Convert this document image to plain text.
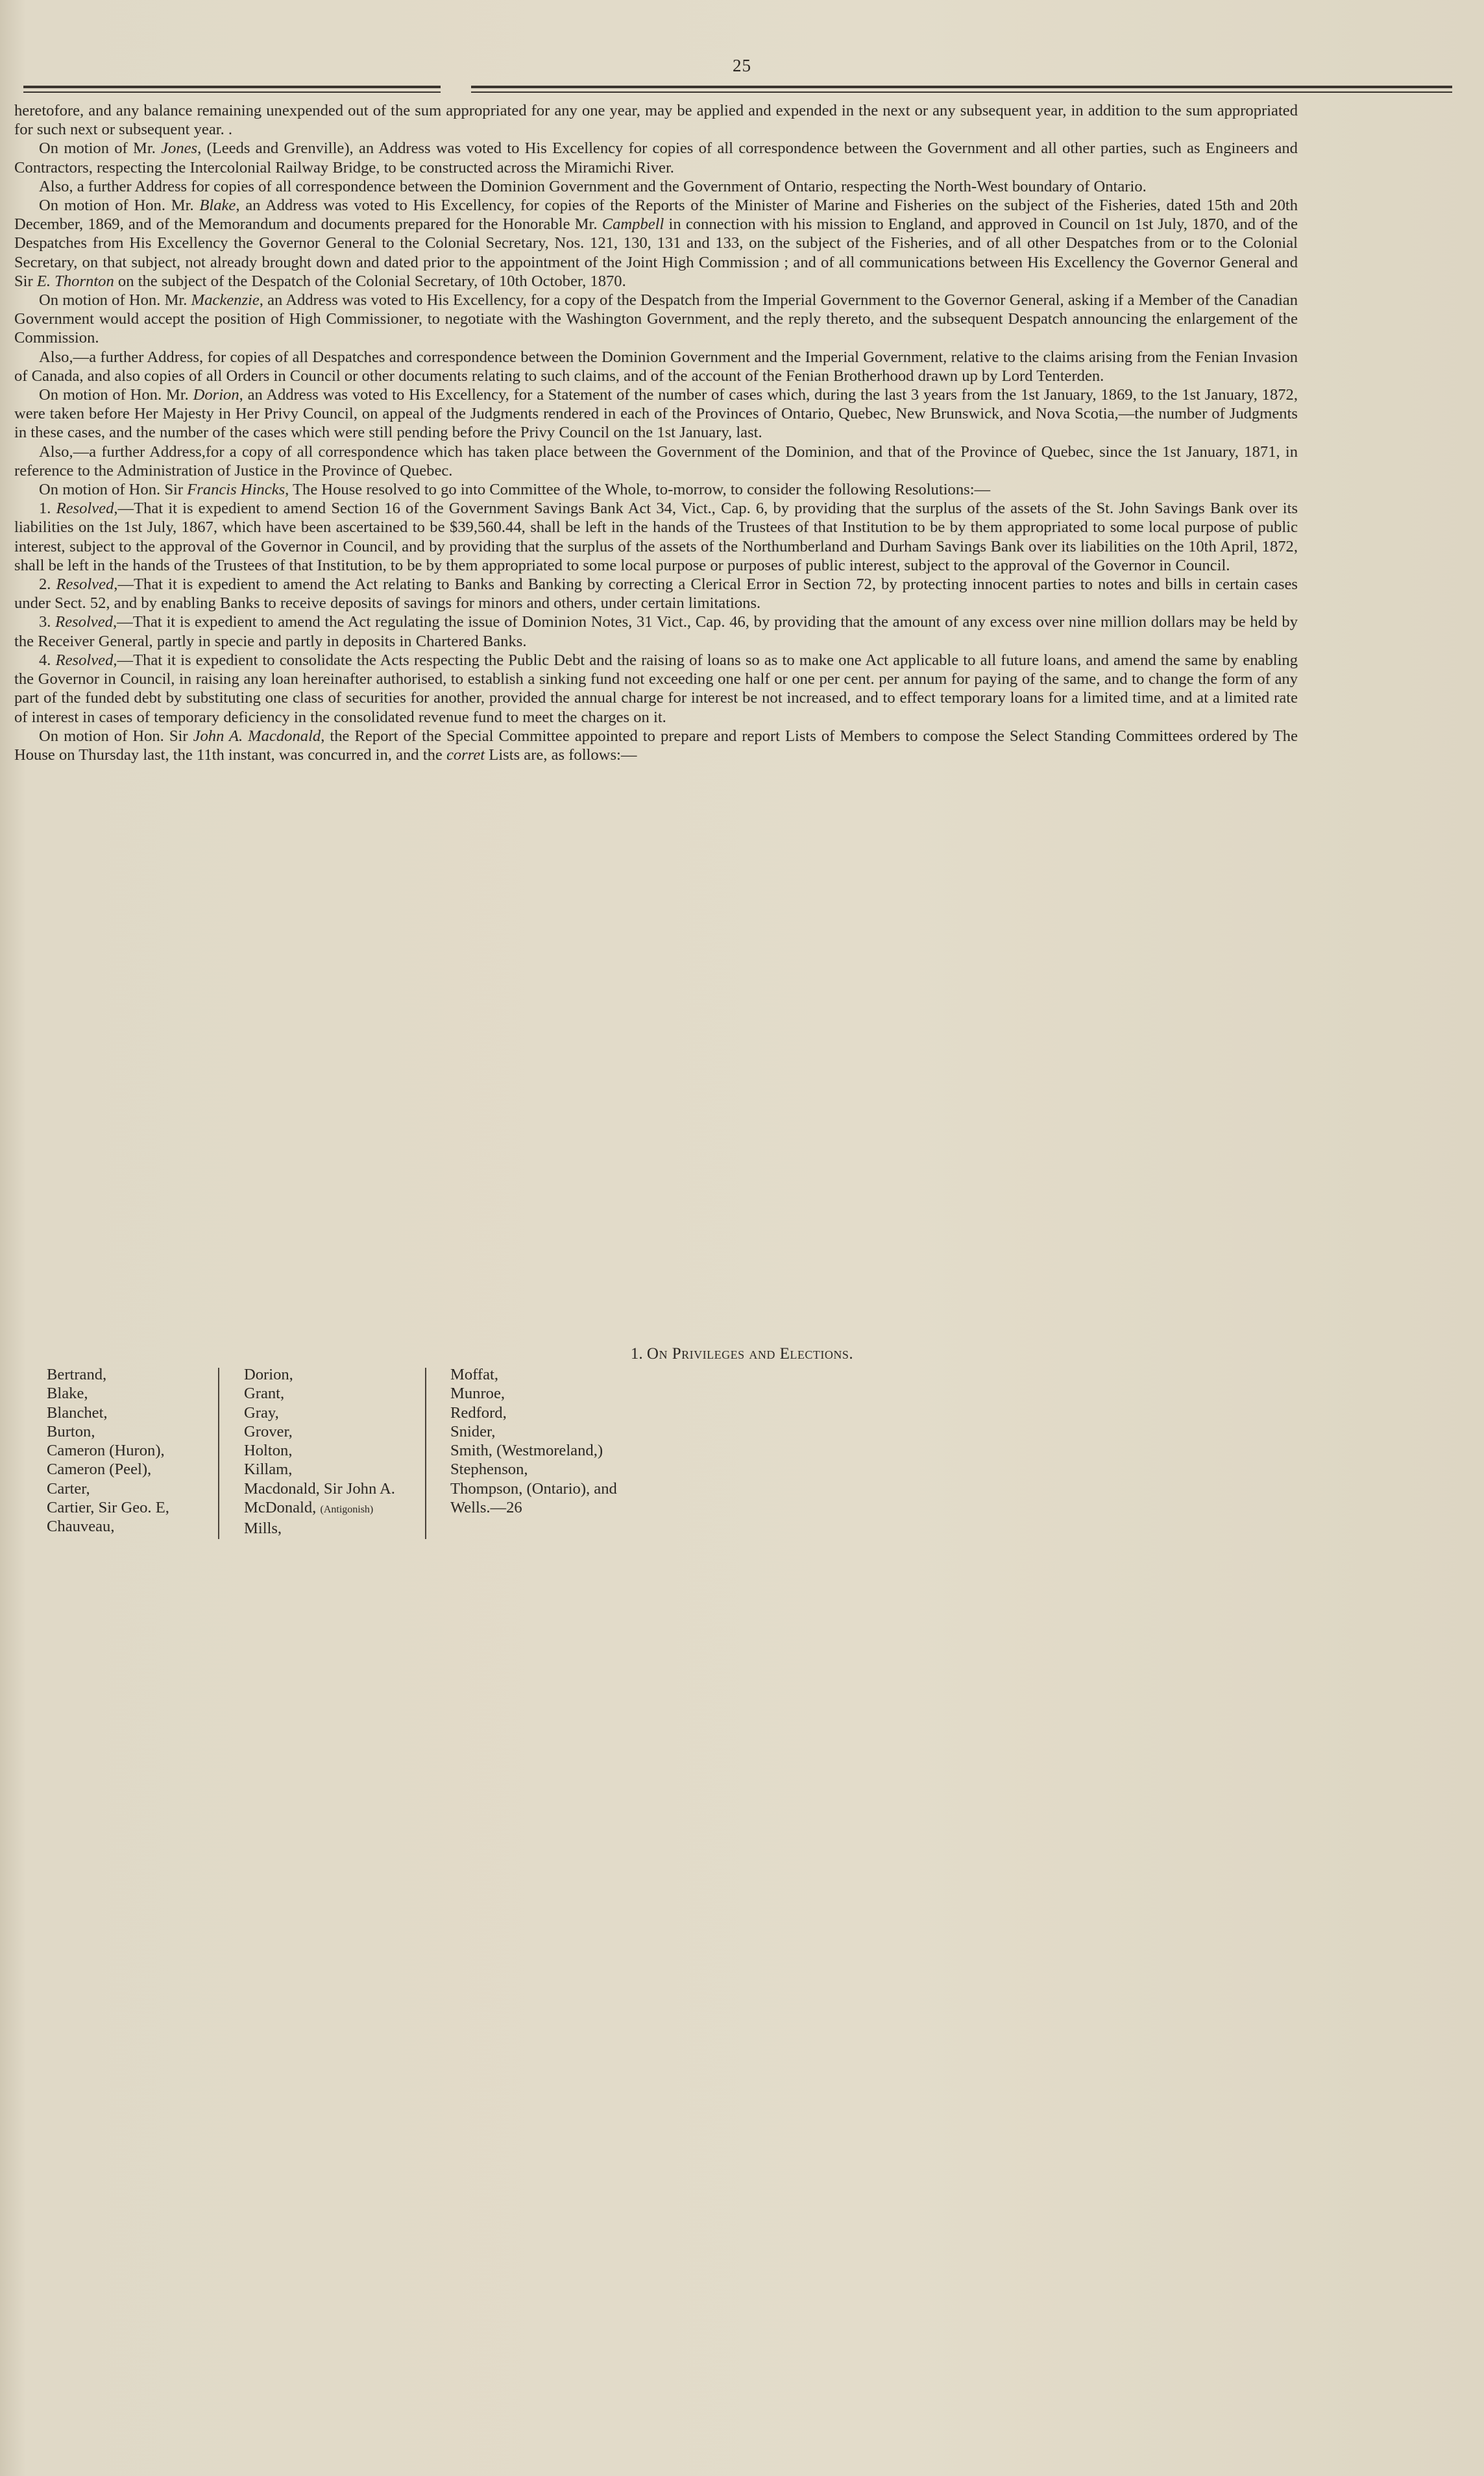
25

heretofore, and any balance remaining unexpended out of the sum appropriated for any one year, may be applied and expended in the next or any subsequent year, in addition to the sum appropriated for such next or subsequent year. .

On motion of Mr. Jones, (Leeds and Grenville), an Address was voted to His Excellency for copies of all correspondence between the Government and all other parties, such as Engineers and Contractors, respecting the Intercolonial Railway Bridge, to be constructed across the Miramichi River.

Also, a further Address for copies of all correspondence between the Dominion Government and the Government of Ontario, respecting the North-West boundary of Ontario.

On motion of Hon. Mr. Blake, an Address was voted to His Excellency, for copies of the Reports of the Minister of Marine and Fisheries on the subject of the Fisheries, dated 15th and 20th December, 1869, and of the Memorandum and documents prepared for the Honorable Mr. Campbell in connection with his mission to England, and approved in Council on 1st July, 1870, and of the Despatches from His Excellency the Governor General to the Colonial Secretary, Nos. 121, 130, 131 and 133, on the subject of the Fisheries, and of all other Despatches from or to the Colonial Secretary, on that subject, not already brought down and dated prior to the appointment of the Joint High Commission ; and of all communications between His Excellency the Governor General and Sir E. Thornton on the subject of the Despatch of the Colonial Secretary, of 10th October, 1870.

On motion of Hon. Mr. Mackenzie, an Address was voted to His Excellency, for a copy of the Despatch from the Imperial Government to the Governor General, asking if a Member of the Canadian Government would accept the position of High Commissioner, to negotiate with the Washington Government, and the reply thereto, and the subsequent Despatch announcing the enlargement of the Commission.

Also,—a further Address, for copies of all Despatches and correspondence between the Dominion Government and the Imperial Government, relative to the claims arising from the Fenian Invasion of Canada, and also copies of all Orders in Council or other documents relating to such claims, and of the account of the Fenian Brotherhood drawn up by Lord Tenterden.

On motion of Hon. Mr. Dorion, an Address was voted to His Excellency, for a Statement of the number of cases which, during the last 3 years from the 1st January, 1869, to the 1st January, 1872, were taken before Her Majesty in Her Privy Council, on appeal of the Judgments rendered in each of the Provinces of Ontario, Quebec, New Brunswick, and Nova Scotia,—the number of Judgments in these cases, and the number of the cases which were still pending before the Privy Council on the 1st January, last.

Also,—a further Address,for a copy of all correspondence which has taken place between the Government of the Dominion, and that of the Province of Quebec, since the 1st January, 1871, in reference to the Administration of Justice in the Province of Quebec.

On motion of Hon. Sir Francis Hincks, The House resolved to go into Committee of the Whole, to-morrow, to consider the following Resolutions:—

1. Resolved,—That it is expedient to amend Section 16 of the Government Savings Bank Act 34, Vict., Cap. 6, by providing that the surplus of the assets of the St. John Savings Bank over its liabilities on the 1st July, 1867, which have been ascertained to be $39,560.44, shall be left in the hands of the Trustees of that Institution to be by them appropriated to some local purpose of public interest, subject to the approval of the Governor in Council, and by providing that the surplus of the assets of the Northumberland and Durham Savings Bank over its liabilities on the 10th April, 1872, shall be left in the hands of the Trustees of that Institution, to be by them appropriated to some local purpose or purposes of public interest, subject to the approval of the Governor in Council.

2. Resolved,—That it is expedient to amend the Act relating to Banks and Banking by correcting a Clerical Error in Section 72, by protecting innocent parties to notes and bills in certain cases under Sect. 52, and by enabling Banks to receive deposits of savings for minors and others, under certain limitations.

3. Resolved,—That it is expedient to amend the Act regulating the issue of Dominion Notes, 31 Vict., Cap. 46, by providing that the amount of any excess over nine million dollars may be held by the Receiver General, partly in specie and partly in deposits in Chartered Banks.

4. Resolved,—That it is expedient to consolidate the Acts respecting the Public Debt and the raising of loans so as to make one Act applicable to all future loans, and amend the same by enabling the Governor in Council, in raising any loan hereinafter authorised, to establish a sinking fund not exceeding one half or one per cent. per annum for paying of the same, and to change the form of any part of the funded debt by substituting one class of securities for another, provided the annual charge for interest be not increased, and to effect temporary loans for a limited time, and at a limited rate of interest in cases of temporary deficiency in the consolidated revenue fund to meet the charges on it.

On motion of Hon. Sir John A. Macdonald, the Report of the Special Committee appointed to prepare and report Lists of Members to compose the Select Standing Committees ordered by The House on Thursday last, the 11th instant, was concurred in, and the corret Lists are, as follows:—

1. On Privileges and Elections.
Bertrand,
Blake,
Blanchet,
Burton,
Cameron (Huron),
Cameron (Peel),
Carter,
Cartier, Sir Geo. E,
Chauveau,
Dorion,
Grant,
Gray,
Grover,
Holton,
Killam,
Macdonald, Sir John A.
McDonald, (Antigonish)
Mills,
Moffat,
Munroe,
Redford,
Snider,
Smith, (Westmoreland,)
Stephenson,
Thompson, (Ontario), and
Wells.—26
